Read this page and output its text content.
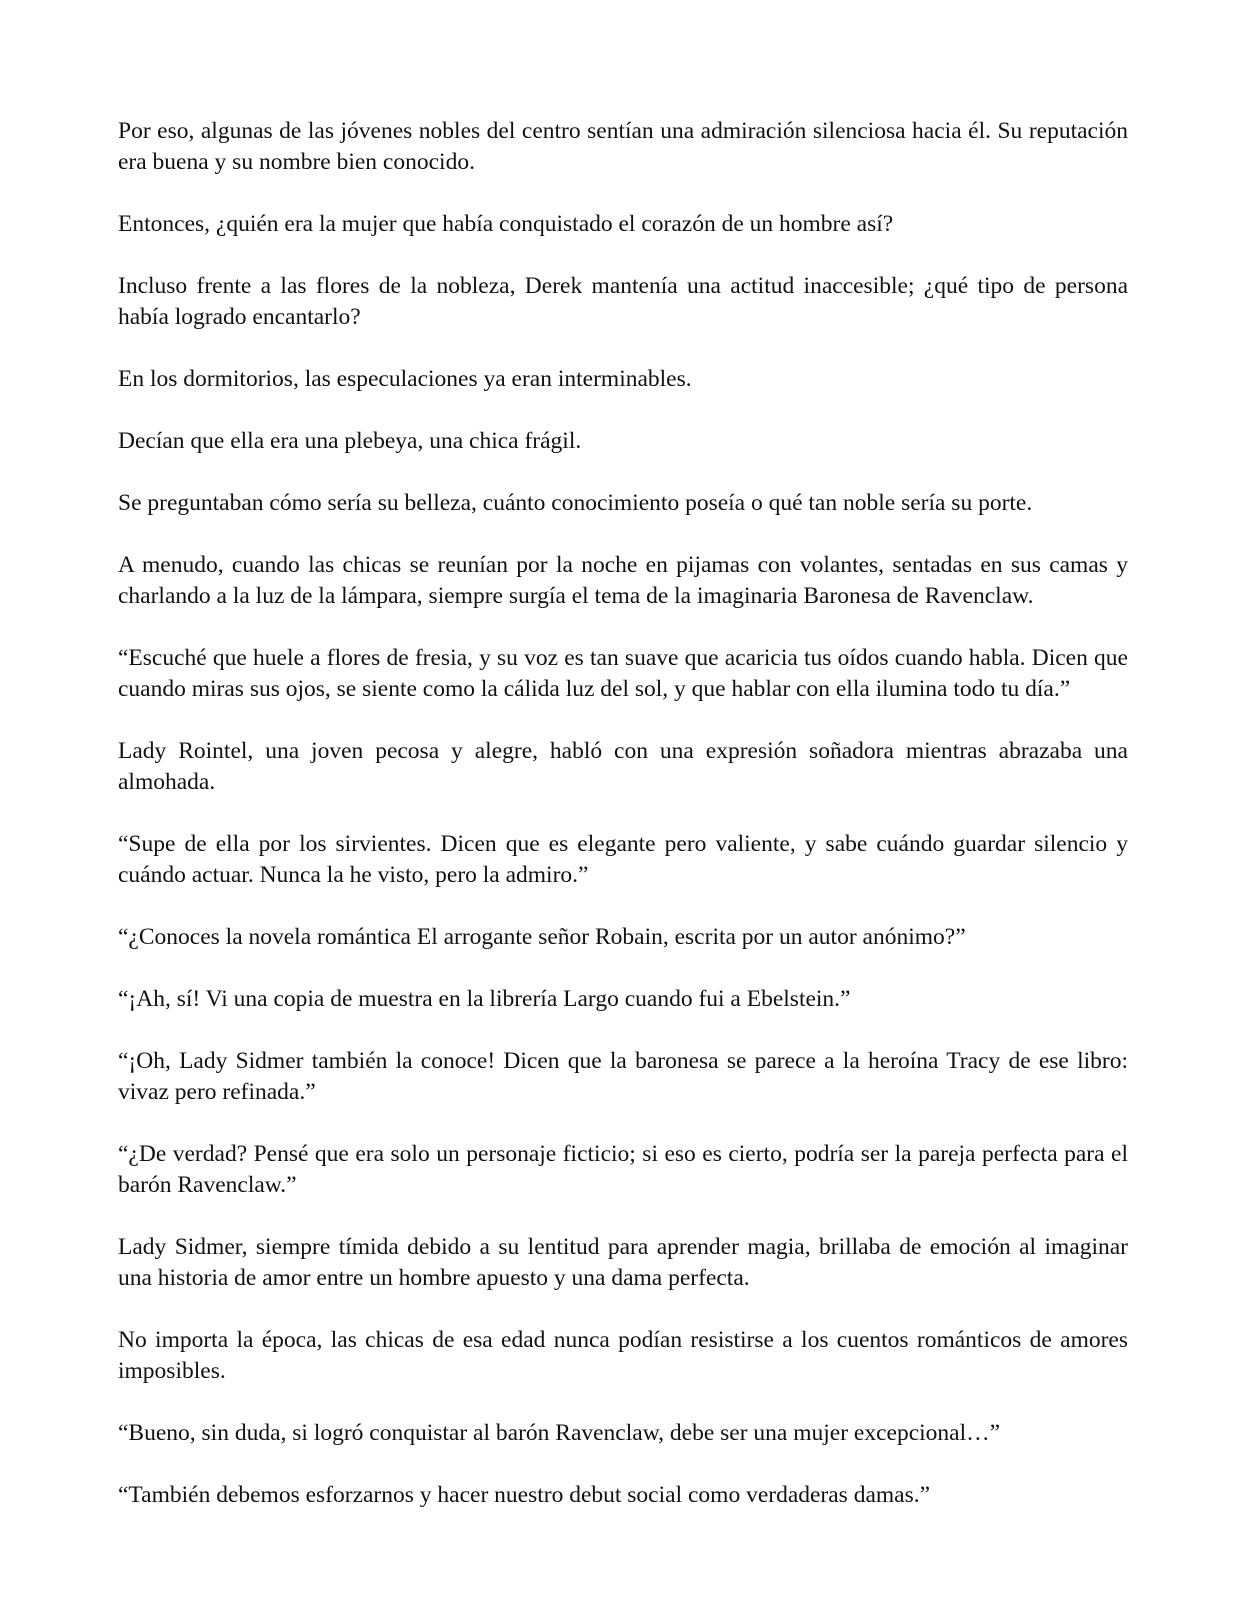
Por eso, algunas de las jóvenes nobles del centro sentían una admiración silenciosa hacia él. Su reputación era buena y su nombre bien conocido.

Entonces, ¿quién era la mujer que había conquistado el corazón de un hombre así?

Incluso frente a las flores de la nobleza, Derek mantenía una actitud inaccesible; ¿qué tipo de persona había logrado encantarlo?

En los dormitorios, las especulaciones ya eran interminables.

Decían que ella era una plebeya, una chica frágil.

Se preguntaban cómo sería su belleza, cuánto conocimiento poseía o qué tan noble sería su porte.

A menudo, cuando las chicas se reunían por la noche en pijamas con volantes, sentadas en sus camas y charlando a la luz de la lámpara, siempre surgía el tema de la imaginaria Baronesa de Ravenclaw.

“Escuché que huele a flores de fresia, y su voz es tan suave que acaricia tus oídos cuando habla. Dicen que cuando miras sus ojos, se siente como la cálida luz del sol, y que hablar con ella ilumina todo tu día.”

Lady Rointel, una joven pecosa y alegre, habló con una expresión soñadora mientras abrazaba una almohada.

“Supe de ella por los sirvientes. Dicen que es elegante pero valiente, y sabe cuándo guardar silencio y cuándo actuar. Nunca la he visto, pero la admiro.”

“¿Conoces la novela romántica El arrogante señor Robain, escrita por un autor anónimo?”

“¡Ah, sí! Vi una copia de muestra en la librería Largo cuando fui a Ebelstein.”

“¡Oh, Lady Sidmer también la conoce! Dicen que la baronesa se parece a la heroína Tracy de ese libro: vivaz pero refinada.”

“¿De verdad? Pensé que era solo un personaje ficticio; si eso es cierto, podría ser la pareja perfecta para el barón Ravenclaw.”

Lady Sidmer, siempre tímida debido a su lentitud para aprender magia, brillaba de emoción al imaginar una historia de amor entre un hombre apuesto y una dama perfecta.

No importa la época, las chicas de esa edad nunca podían resistirse a los cuentos románticos de amores imposibles.

“Bueno, sin duda, si logró conquistar al barón Ravenclaw, debe ser una mujer excepcional…”

“También debemos esforzarnos y hacer nuestro debut social como verdaderas damas.”
